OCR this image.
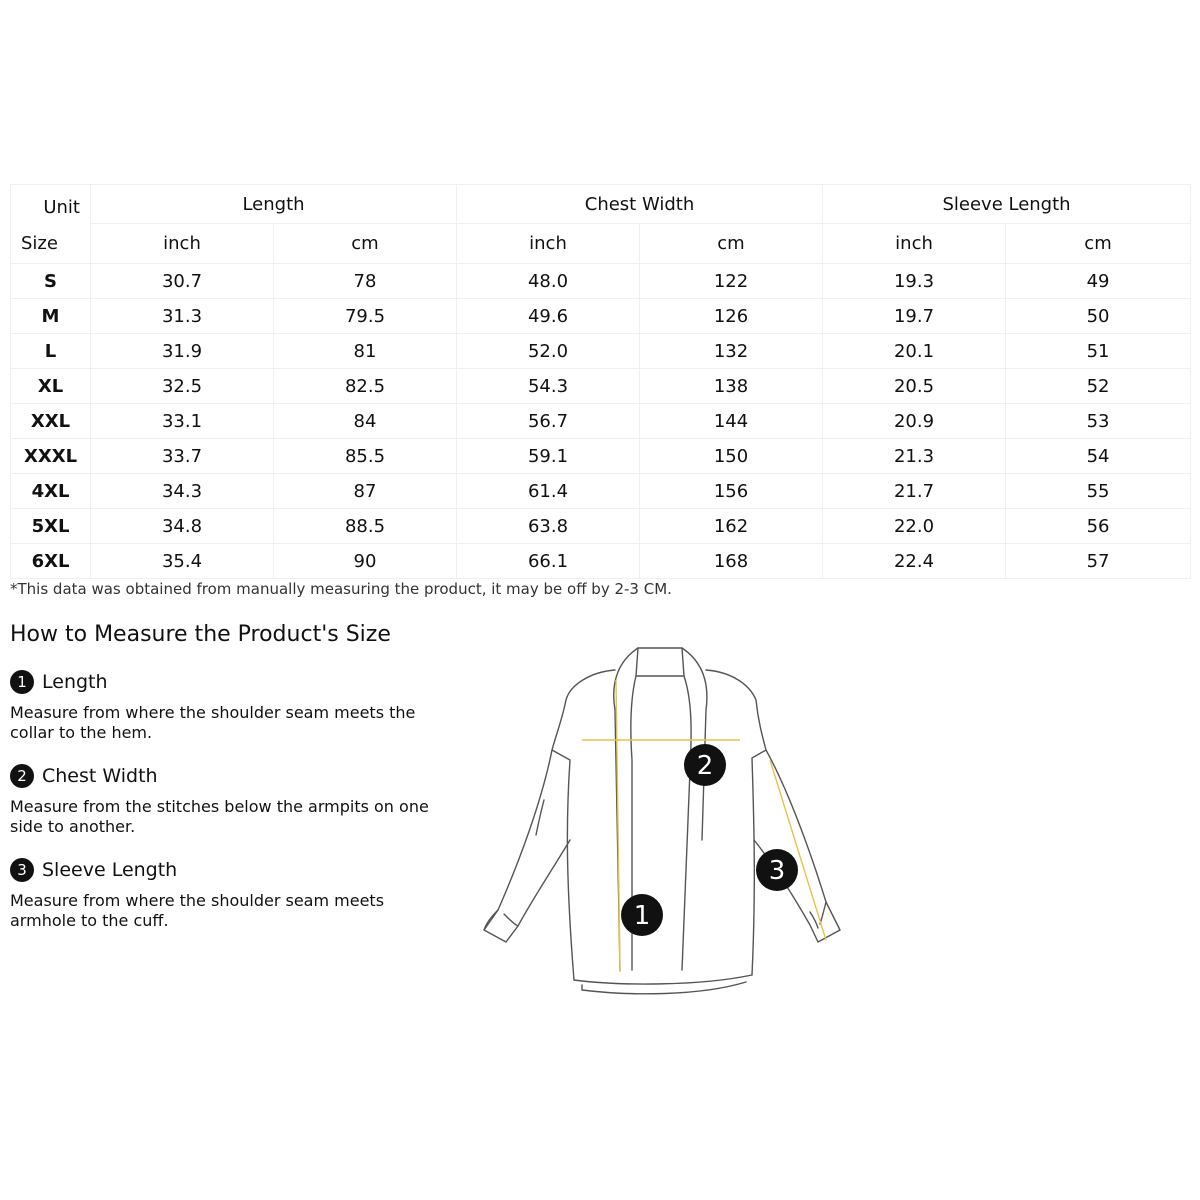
Unit	Length		Chest Width		Sleeve Length	
Size	inch	cm	inch	cm	inch	cm
S	30.7	78	48.0	122	19.3	49
M	31.3	79.5	49.6	126	19.7	50
L	31.9	81	52.0	132	20.1	51
XL	32.5	82.5	54.3	138	20.5	52
XXL	33.1	84	56.7	144	20.9	53
XXXL	33.7	85.5	59.1	150	21.3	54
4XL	34.3	87	61.4	156	21.7	55
5XL	34.8	88.5	63.8	162	22.0	56
6XL	35.4	90	66.1	168	22.4	57
*This data was obtained from manually measuring the product, it may be off by 2-3 CM.
How to Measure the Product's Size
1 Length
Measure from where the shoulder seam meets the collar to the hem.
2 Chest Width
Measure from the stitches below the armpits on one side to another.
3 Sleeve Length
Measure from where the shoulder seam meets armhole to the cuff.	1
2
3
